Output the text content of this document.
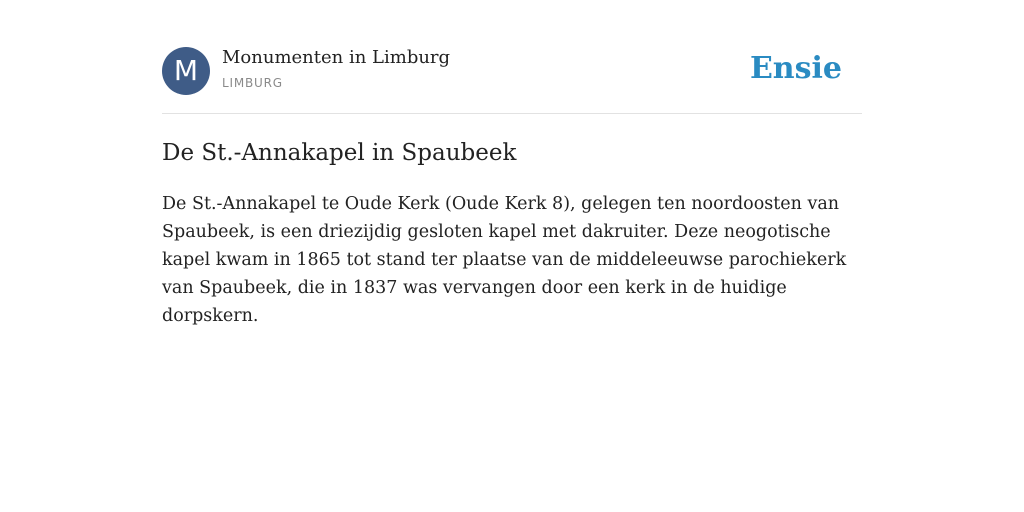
M	Monumenten in Limburg
LIMBURG	Ensie
De St.-Annakapel in Spaubeek
De St.-Annakapel te Oude Kerk (Oude Kerk 8), gelegen ten noordoosten van Spaubeek, is een driezijdig gesloten kapel met dakruiter. Deze neogotische kapel kwam in 1865 tot stand ter plaatse van de middeleeuwse parochiekerk van Spaubeek, die in 1837 was vervangen door een kerk in de huidige dorpskern.
